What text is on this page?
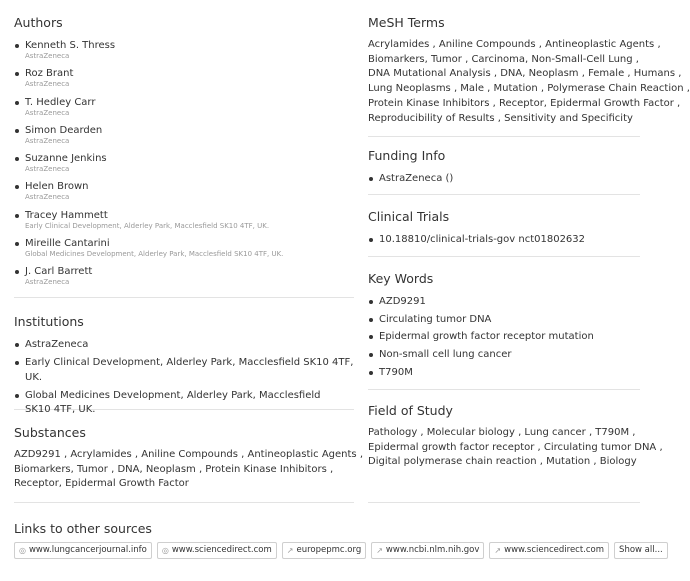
Authors
Kenneth S. Thress
AstraZeneca
Roz Brant
AstraZeneca
T. Hedley Carr
AstraZeneca
Simon Dearden
AstraZeneca
Suzanne Jenkins
AstraZeneca
Helen Brown
AstraZeneca
Tracey Hammett
Early Clinical Development, Alderley Park, Macclesfield SK10 4TF, UK.
Mireille Cantarini
Global Medicines Development, Alderley Park, Macclesfield SK10 4TF, UK.
J. Carl Barrett
AstraZeneca
Institutions
AstraZeneca
Early Clinical Development, Alderley Park, Macclesfield SK10 4TF, UK.
Global Medicines Development, Alderley Park, Macclesfield SK10 4TF, UK.
Substances
AZD9291 , Acrylamides , Aniline Compounds , Antineoplastic Agents ,
Biomarkers, Tumor , DNA, Neoplasm , Protein Kinase Inhibitors ,
Receptor, Epidermal Growth Factor
MeSH Terms
Acrylamides , Aniline Compounds , Antineoplastic Agents ,
Biomarkers, Tumor , Carcinoma, Non-Small-Cell Lung ,
DNA Mutational Analysis , DNA, Neoplasm , Female , Humans ,
Lung Neoplasms , Male , Mutation , Polymerase Chain Reaction ,
Protein Kinase Inhibitors , Receptor, Epidermal Growth Factor ,
Reproducibility of Results , Sensitivity and Specificity
Funding Info
AstraZeneca ()
Clinical Trials
10.18810/clinical-trials-gov nct01802632
Key Words
AZD9291
Circulating tumor DNA
Epidermal growth factor receptor mutation
Non-small cell lung cancer
T790M
Field of Study
Pathology , Molecular biology , Lung cancer , T790M ,
Epidermal growth factor receptor , Circulating tumor DNA ,
Digital polymerase chain reaction , Mutation , Biology
Links to other sources
◎ www.lungcancerjournal.info ◎ www.sciencedirect.com ↗ europepmc.org ↗ www.ncbi.nlm.nih.gov ↗ www.sciencedirect.com	Show all...
